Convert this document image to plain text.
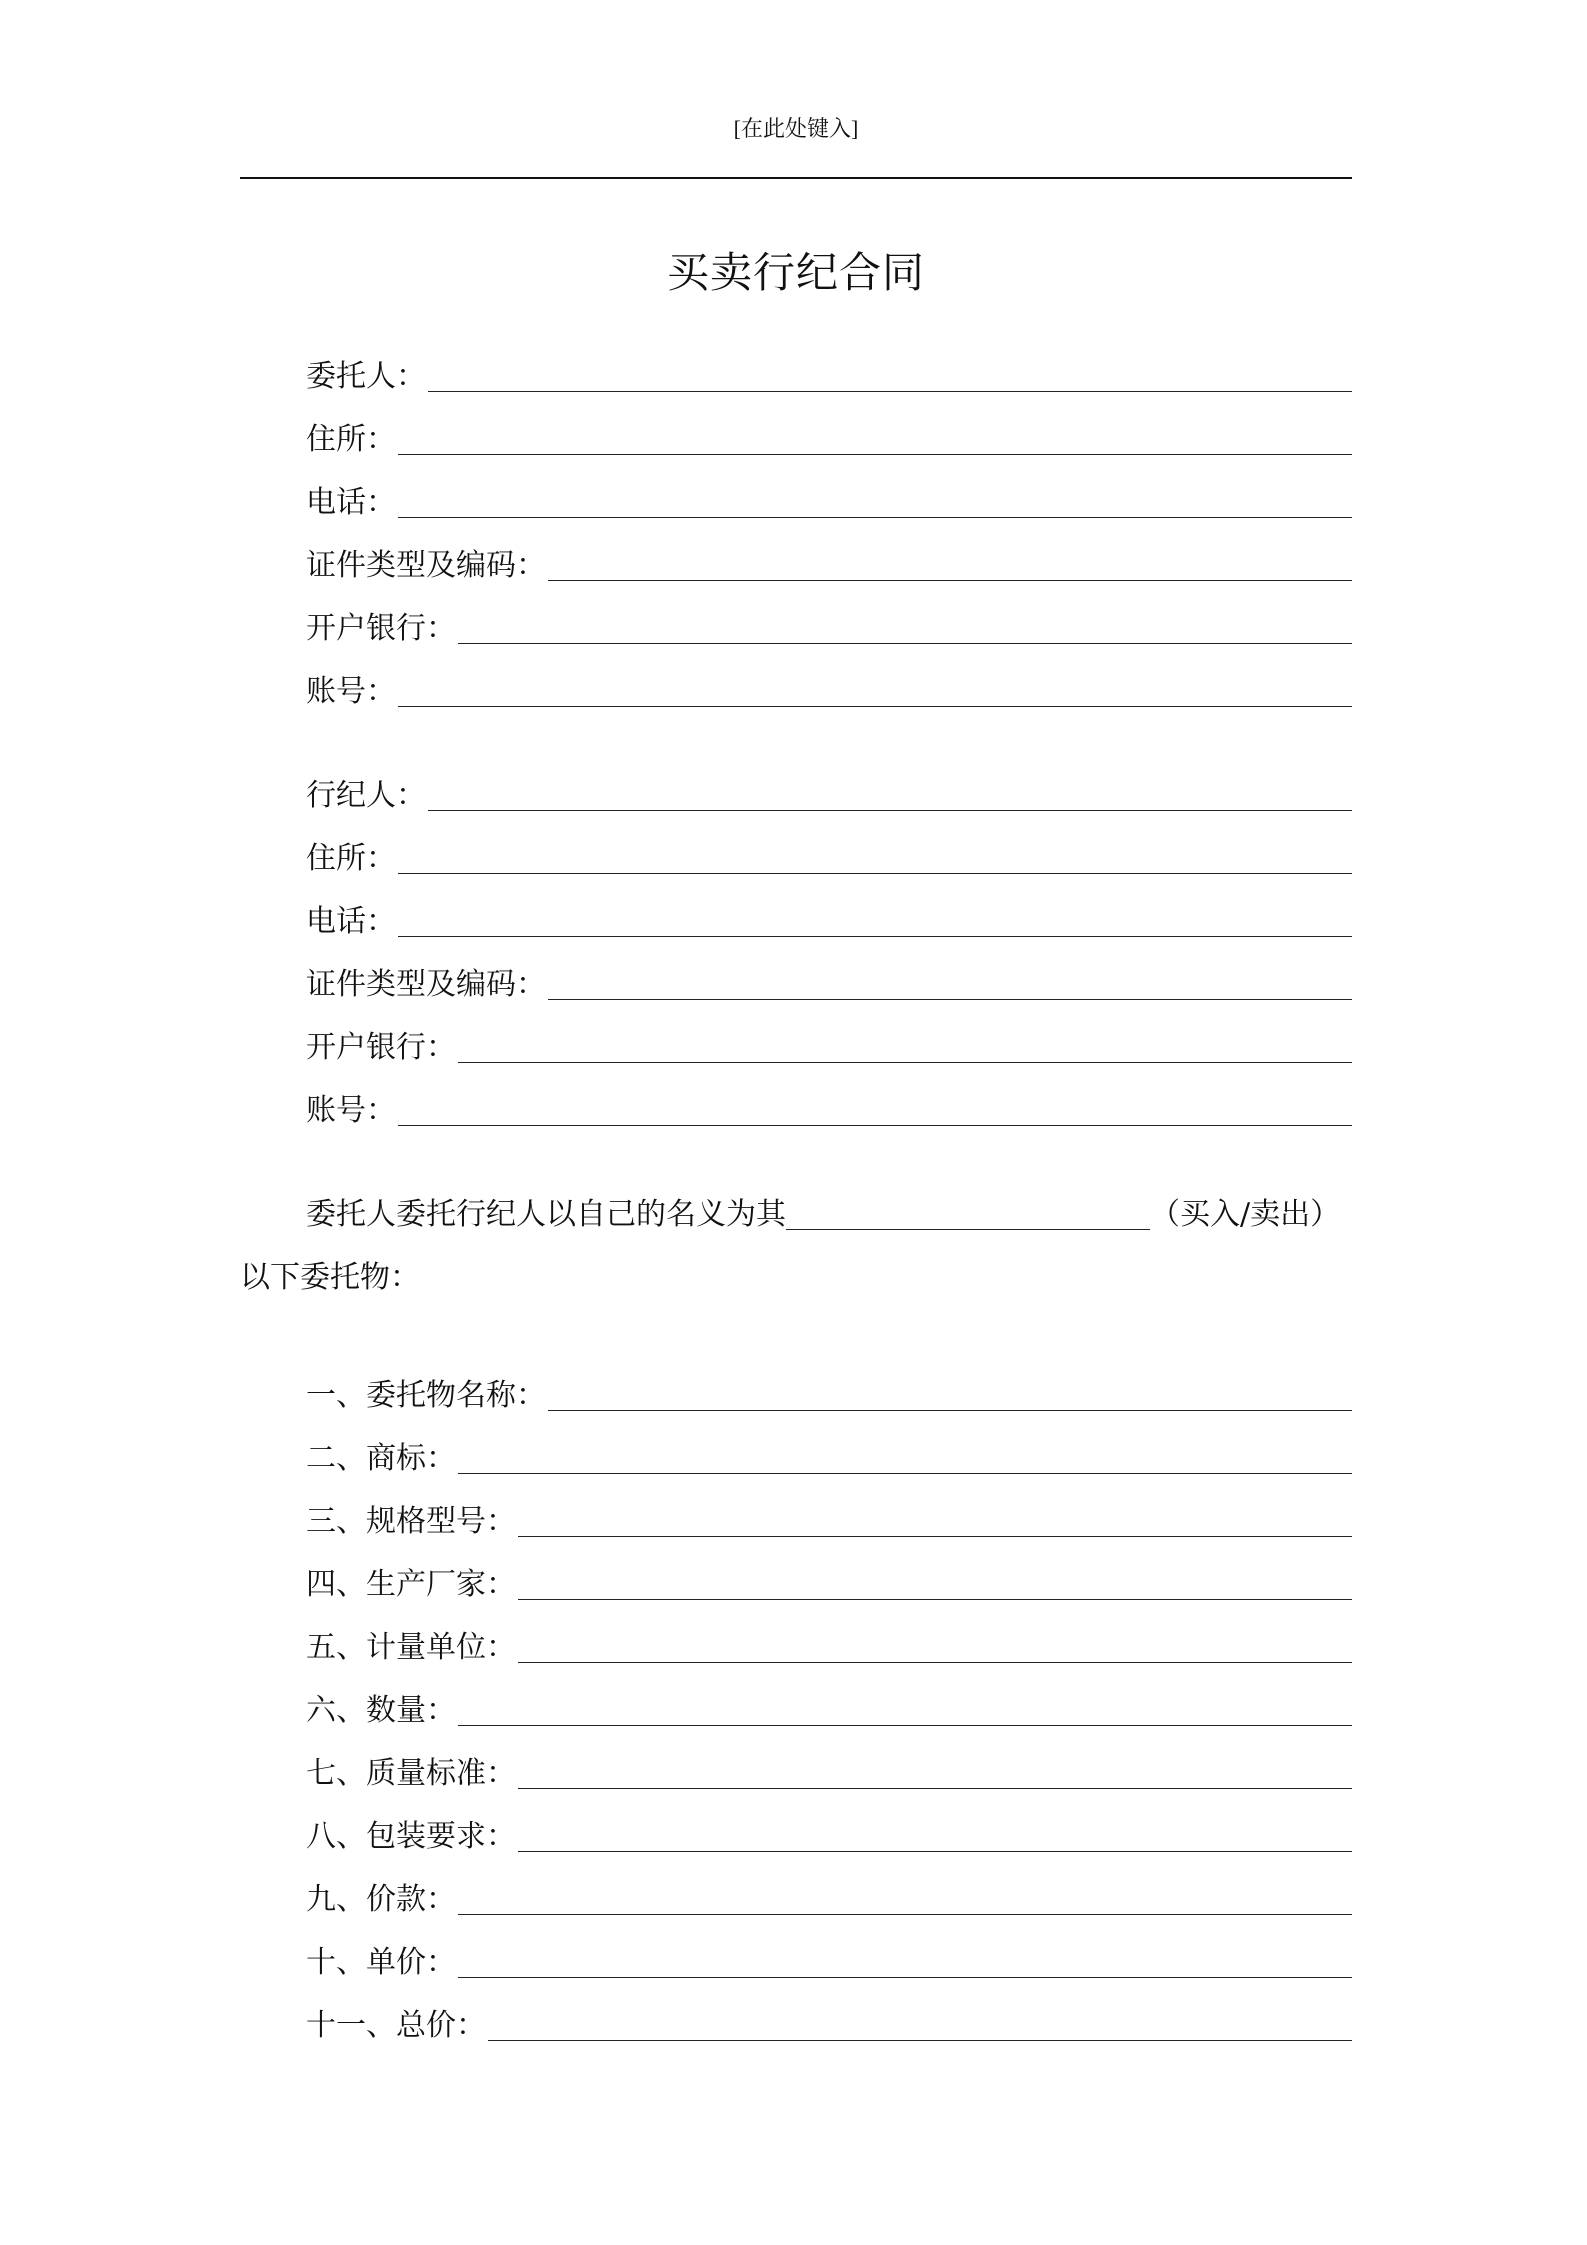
[在此处键入]
买卖行纪合同
委托人：
住所：
电话：
证件类型及编码：
开户银行：
账号：
行纪人：
住所：
电话：
证件类型及编码：
开户银行：
账号：
委托人委托行纪人以自己的名义为其	（买入/卖出）
以下委托物：
一、委托物名称：
二、商标：
三、规格型号：
四、生产厂家：
五、计量单位：
六、数量：
七、质量标准：
八、包装要求：
九、价款：
十、单价：
十一、总价：
